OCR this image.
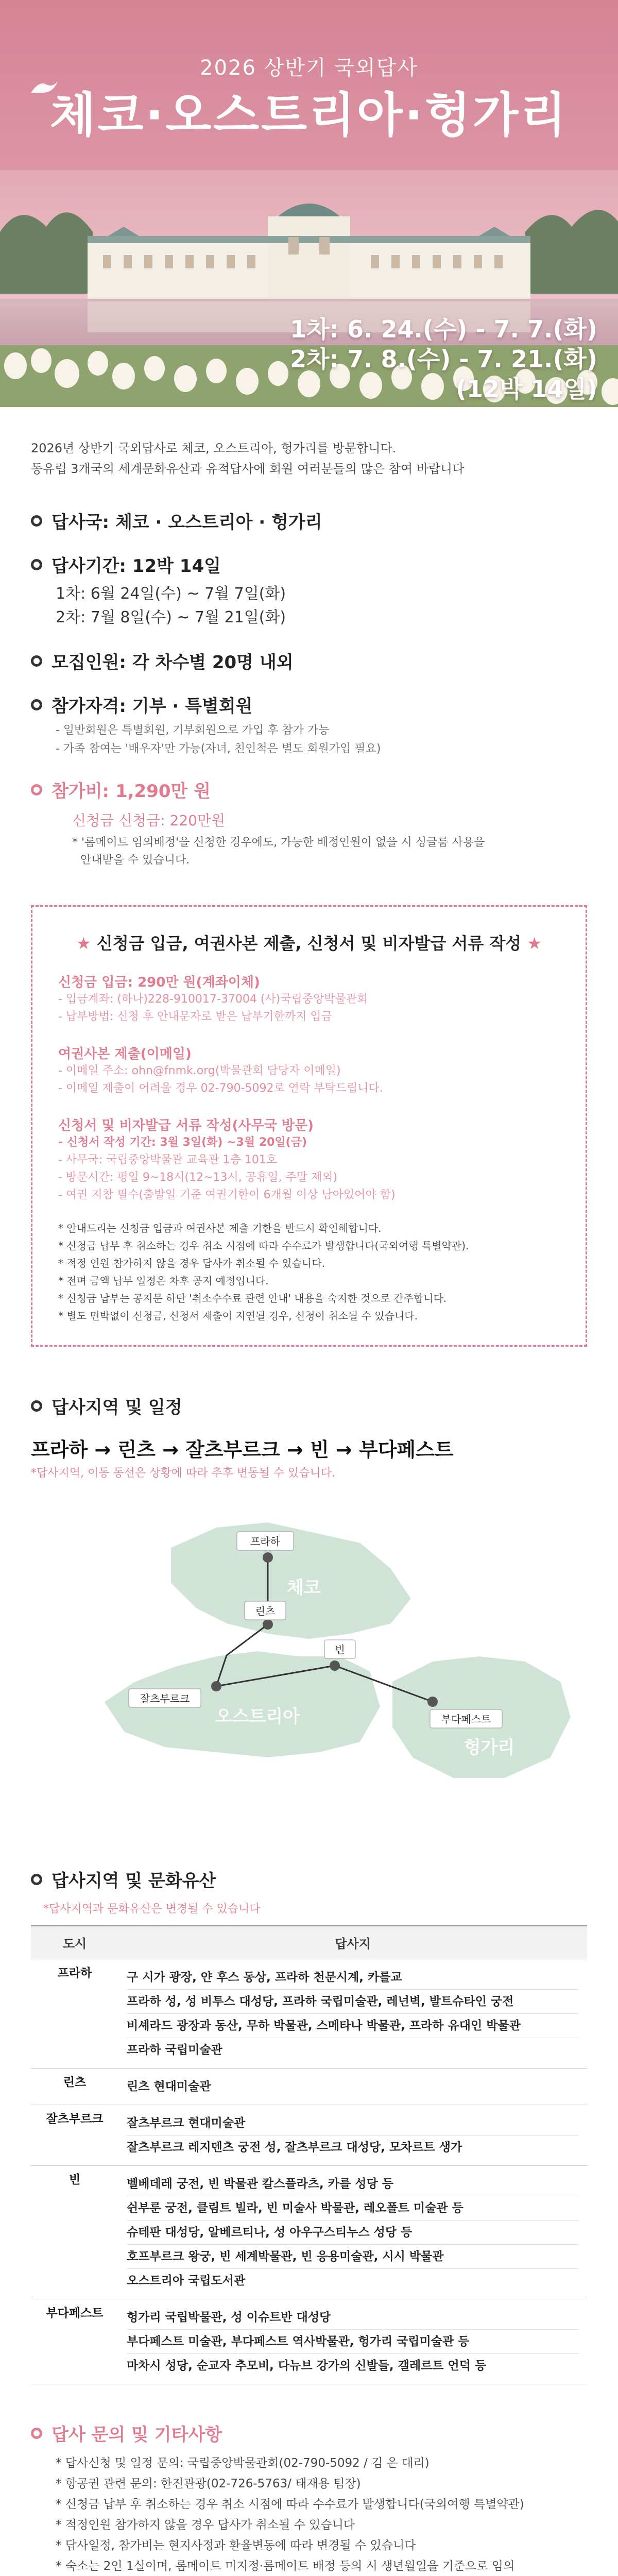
2026 상반기 국외답사
체코·오스트리아·헝가리
1차: 6. 24.(수) - 7. 7.(화)
2차: 7. 8.(수) - 7. 21.(화)
(12박 14일)
2026년 상반기 국외답사로 체코, 오스트리아, 헝가리를 방문합니다.
동유럽 3개국의 세계문화유산과 유적답사에 회원 여러분들의 많은 참여 바랍니다
답사국: 체코 · 오스트리아 · 헝가리
답사기간: 12박 14일
1차: 6월 24일(수) ~ 7월 7일(화)
2차: 7월 8일(수) ~ 7월 21일(화)
모집인원: 각 차수별 20명 내외
참가자격: 기부 · 특별회원
- 일반회원은 특별회원, 기부회원으로 가입 후 참가 가능
- 가족 참여는 '배우자'만 가능(자녀, 친인척은 별도 회원가입 필요)
참가비: 1,290만 원
신청금 신청금: 220만원
* '롬메이트 임의배정'을 신청한 경우에도, 가능한 배정인원이 없을 시 싱글룸 사용을
안내받을 수 있습니다.
★ 신청금 입금, 여권사본 제출, 신청서 및 비자발급 서류 작성 ★
신청금 입금: 290만 원(계좌이체)
- 입금계좌: (하나)228-910017-37004 (사)국립중앙박물관회
- 납부방법: 신청 후 안내문자로 받은 납부기한까지 입금
여권사본 제출(이메일)
- 이메일 주소: ohn@fnmk.org(박물관회 담당자 이메일)
- 이메일 제출이 어려울 경우 02-790-5092로 연락 부탁드립니다.
신청서 및 비자발급 서류 작성(사무국 방문)
- 신청서 작성 기간: 3월 3일(화) ~3월 20일(금)
- 사무국: 국립중앙박물관 교육관 1층 101호
- 방문시간: 평일 9~18시(12~13시, 공휴일, 주말 제외)
- 여권 지참 필수(출발일 기준 여권기한이 6개월 이상 남아있어야 함)
* 안내드리는 신청금 입금과 여권사본 제출 기한을 반드시 확인해합니다.
* 신청금 납부 후 취소하는 경우 취소 시점에 따라 수수료가 발생합니다(국외여행 특별약관).
* 적정 인원 참가하지 않을 경우 답사가 취소될 수 있습니다.
* 전며 금액 납부 일정은 차후 공지 예정입니다.
* 신청금 납부는 공지문 하단 '취소수수료 관련 안내' 내용을 숙지한 것으로 간주합니다.
* 별도 면박없이 신청금, 신청서 제출이 지연될 경우, 신청이 취소될 수 있습니다.
답사지역 및 일정
프라하 → 린츠 → 잘츠부르크 → 빈 → 부다페스트
*답사지역, 이동 동선은 상황에 따라 추후 변동될 수 있습니다.
프라하
체코
린츠
잘츠부르크
빈
오스트리아	부다페스트
헝가리
답사지역 및 문화유산
*답사지역과 문화유산은 변경될 수 있습니다
도시	답사지
프라하	구 시가 광장, 얀 후스 동상, 프라하 천문시계, 카를교
프라하 성, 성 비투스 대성당, 프라하 국립미술관, 레넌벽, 발트슈타인 궁전
비셰라드 광장과 동산, 무하 박물관, 스메타나 박물관, 프라하 유대인 박물관
프라하 국립미술관

린츠	린츠 현대미술관

잘츠부르크	잘츠부르크 현대미술관
잘츠부르크 레지덴츠 궁전 성, 잘츠부르크 대성당, 모차르트 생가

빈	벨베데레 궁전, 빈 박물관 칼스플라츠, 카를 성당 등
쉰부룬 궁전, 클림트 빌라, 빈 미술사 박물관, 레오폴트 미술관 등
슈테판 대성당, 알베르티나, 성 아우구스티누스 성당 등
호프부르크 왕궁, 빈 세계박물관, 빈 응용미술관, 시시 박물관
오스트리아 국립도서관

부다페스트	헝가리 국립박물관, 성 이슈트반 대성당
부다페스트 미술관, 부다페스트 역사박물관, 헝가리 국립미술관 등
마차시 성당, 순교자 추모비, 다뉴브 강가의 신발들, 갤레르트 언덕 등
답사 문의 및 기타사항
* 답사신청 및 일정 문의: 국립중앙박물관회(02-790-5092 / 김 은 대리)
* 항공권 관련 문의: 한진관광(02-726-5763/ 태재용 팀장)
* 신청금 납부 후 취소하는 경우 취소 시점에 따라 수수료가 발생합니다(국외여행 특별약관)
* 적정인원 참가하지 않을 경우 답사가 취소될 수 있습니다
* 답사일정, 참가비는 현지사정과 환율변동에 따라 변경될 수 있습니다
* 숙소는 2인 1실이며, 롬메이트 미지정·롬메이트 배정 등의 시 생년월일을 기준으로 임의
